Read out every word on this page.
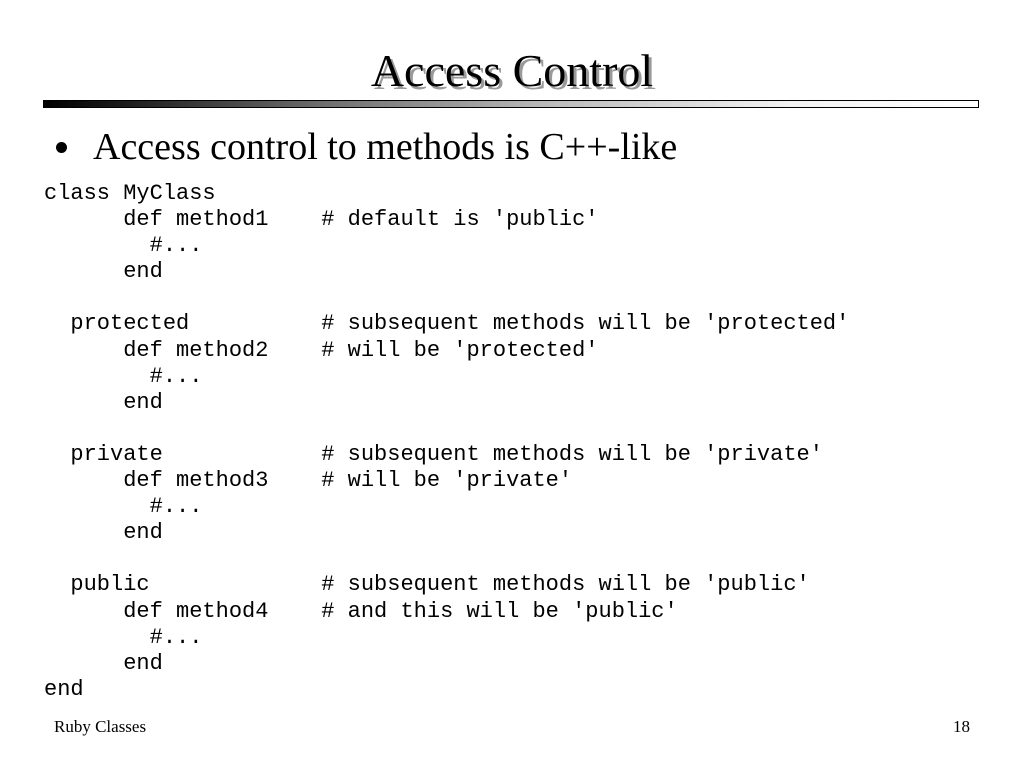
Access Control
Access control to methods is C++-like
class MyClass
def method1    # default is 'public'
#...
end
protected          # subsequent methods will be 'protected'
def method2    # will be 'protected'
#...
end
private            # subsequent methods will be 'private'
def method3    # will be 'private'
#...
end
public             # subsequent methods will be 'public'
def method4    # and this will be 'public'
#...
end
end
Ruby Classes	18
